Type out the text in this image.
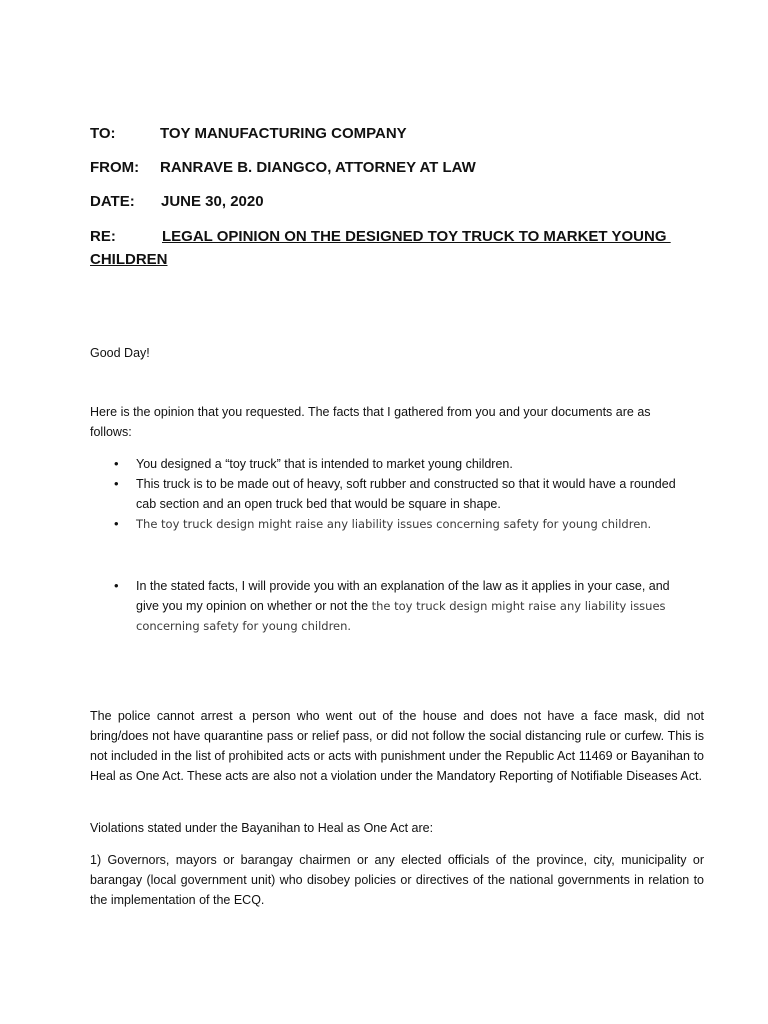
TO:	TOY MANUFACTURING COMPANY
FROM: RANRAVE B. DIANGCO, ATTORNEY AT LAW
DATE: JUNE 30, 2020
RE:	LEGAL OPINION ON THE DESIGNED TOY TRUCK TO MARKET YOUNG
CHILDREN
Good Day!
Here is the opinion that you requested. The facts that I gathered from you and your documents are as follows:
• You designed a “toy truck” that is intended to market young children.
• This truck is to be made out of heavy, soft rubber and constructed so that it would have a rounded cab section and an open truck bed that would be square in shape.
• The toy truck design might raise any liability issues concerning safety for young children.
• In the stated facts, I will provide you with an explanation of the law as it applies in your case, and give you my opinion on whether or not the the toy truck design might raise any liability issues concerning safety for young children.
The police cannot arrest a person who went out of the house and does not have a face mask, did not bring/does not have quarantine pass or relief pass, or did not follow the social distancing rule or curfew. This is not included in the list of prohibited acts or acts with punishment under the Republic Act 11469 or Bayanihan to Heal as One Act. These acts are also not a violation under the Mandatory Reporting of Notifiable Diseases Act.
Violations stated under the Bayanihan to Heal as One Act are:
1) Governors, mayors or barangay chairmen or any elected officials of the province, city, municipality or barangay (local government unit) who disobey policies or directives of the national governments in relation to the implementation of the ECQ.
